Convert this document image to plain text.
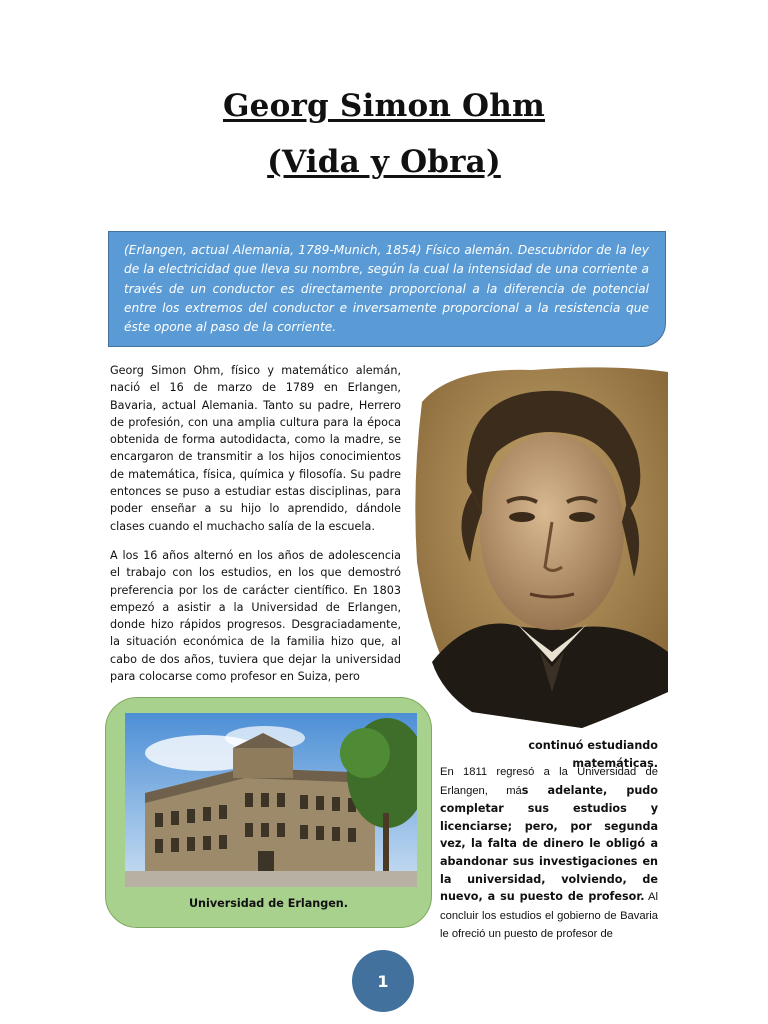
Georg Simon Ohm
(Vida y Obra)
(Erlangen, actual Alemania, 1789-Munich, 1854) Físico alemán. Descubridor de la ley de la electricidad que lleva su nombre, según la cual la intensidad de una corriente a través de un conductor es directamente proporcional a la diferencia de potencial entre los extremos del conductor e inversamente proporcional a la resistencia que éste opone al paso de la corriente.
Georg Simon Ohm, físico y matemático alemán, nació el 16 de marzo de 1789 en Erlangen, Bavaria, actual Alemania. Tanto su padre, Herrero de profesión, con una amplia cultura para la época obtenida de forma autodidacta, como la madre, se encargaron de transmitir a los hijos conocimientos de matemática, física, química y filosofía. Su padre entonces se puso a estudiar estas disciplinas, para poder enseñar a su hijo lo aprendido, dándole clases cuando el muchacho salía de la escuela.
A los 16 años alternó en los años de adolescencia el trabajo con los estudios, en los que demostró preferencia por los de carácter científico. En 1803 empezó a asistir a la Universidad de Erlangen, donde hizo rápidos progresos. Desgraciadamente, la situación económica de la familia hizo que, al cabo de dos años, tuviera que dejar la universidad para colocarse como profesor en Suiza, pero
Universidad de Erlangen.
continuó estudiando matemáticas.
En 1811 regresó a la Universidad de Erlangen, más adelante, pudo completar sus estudios y licenciarse; pero, por segunda vez, la falta de dinero le obligó a abandonar sus investigaciones en la universidad, volviendo, de nuevo, a su puesto de profesor. Al concluir los estudios el gobierno de Bavaria le ofreció un puesto de profesor de
1
